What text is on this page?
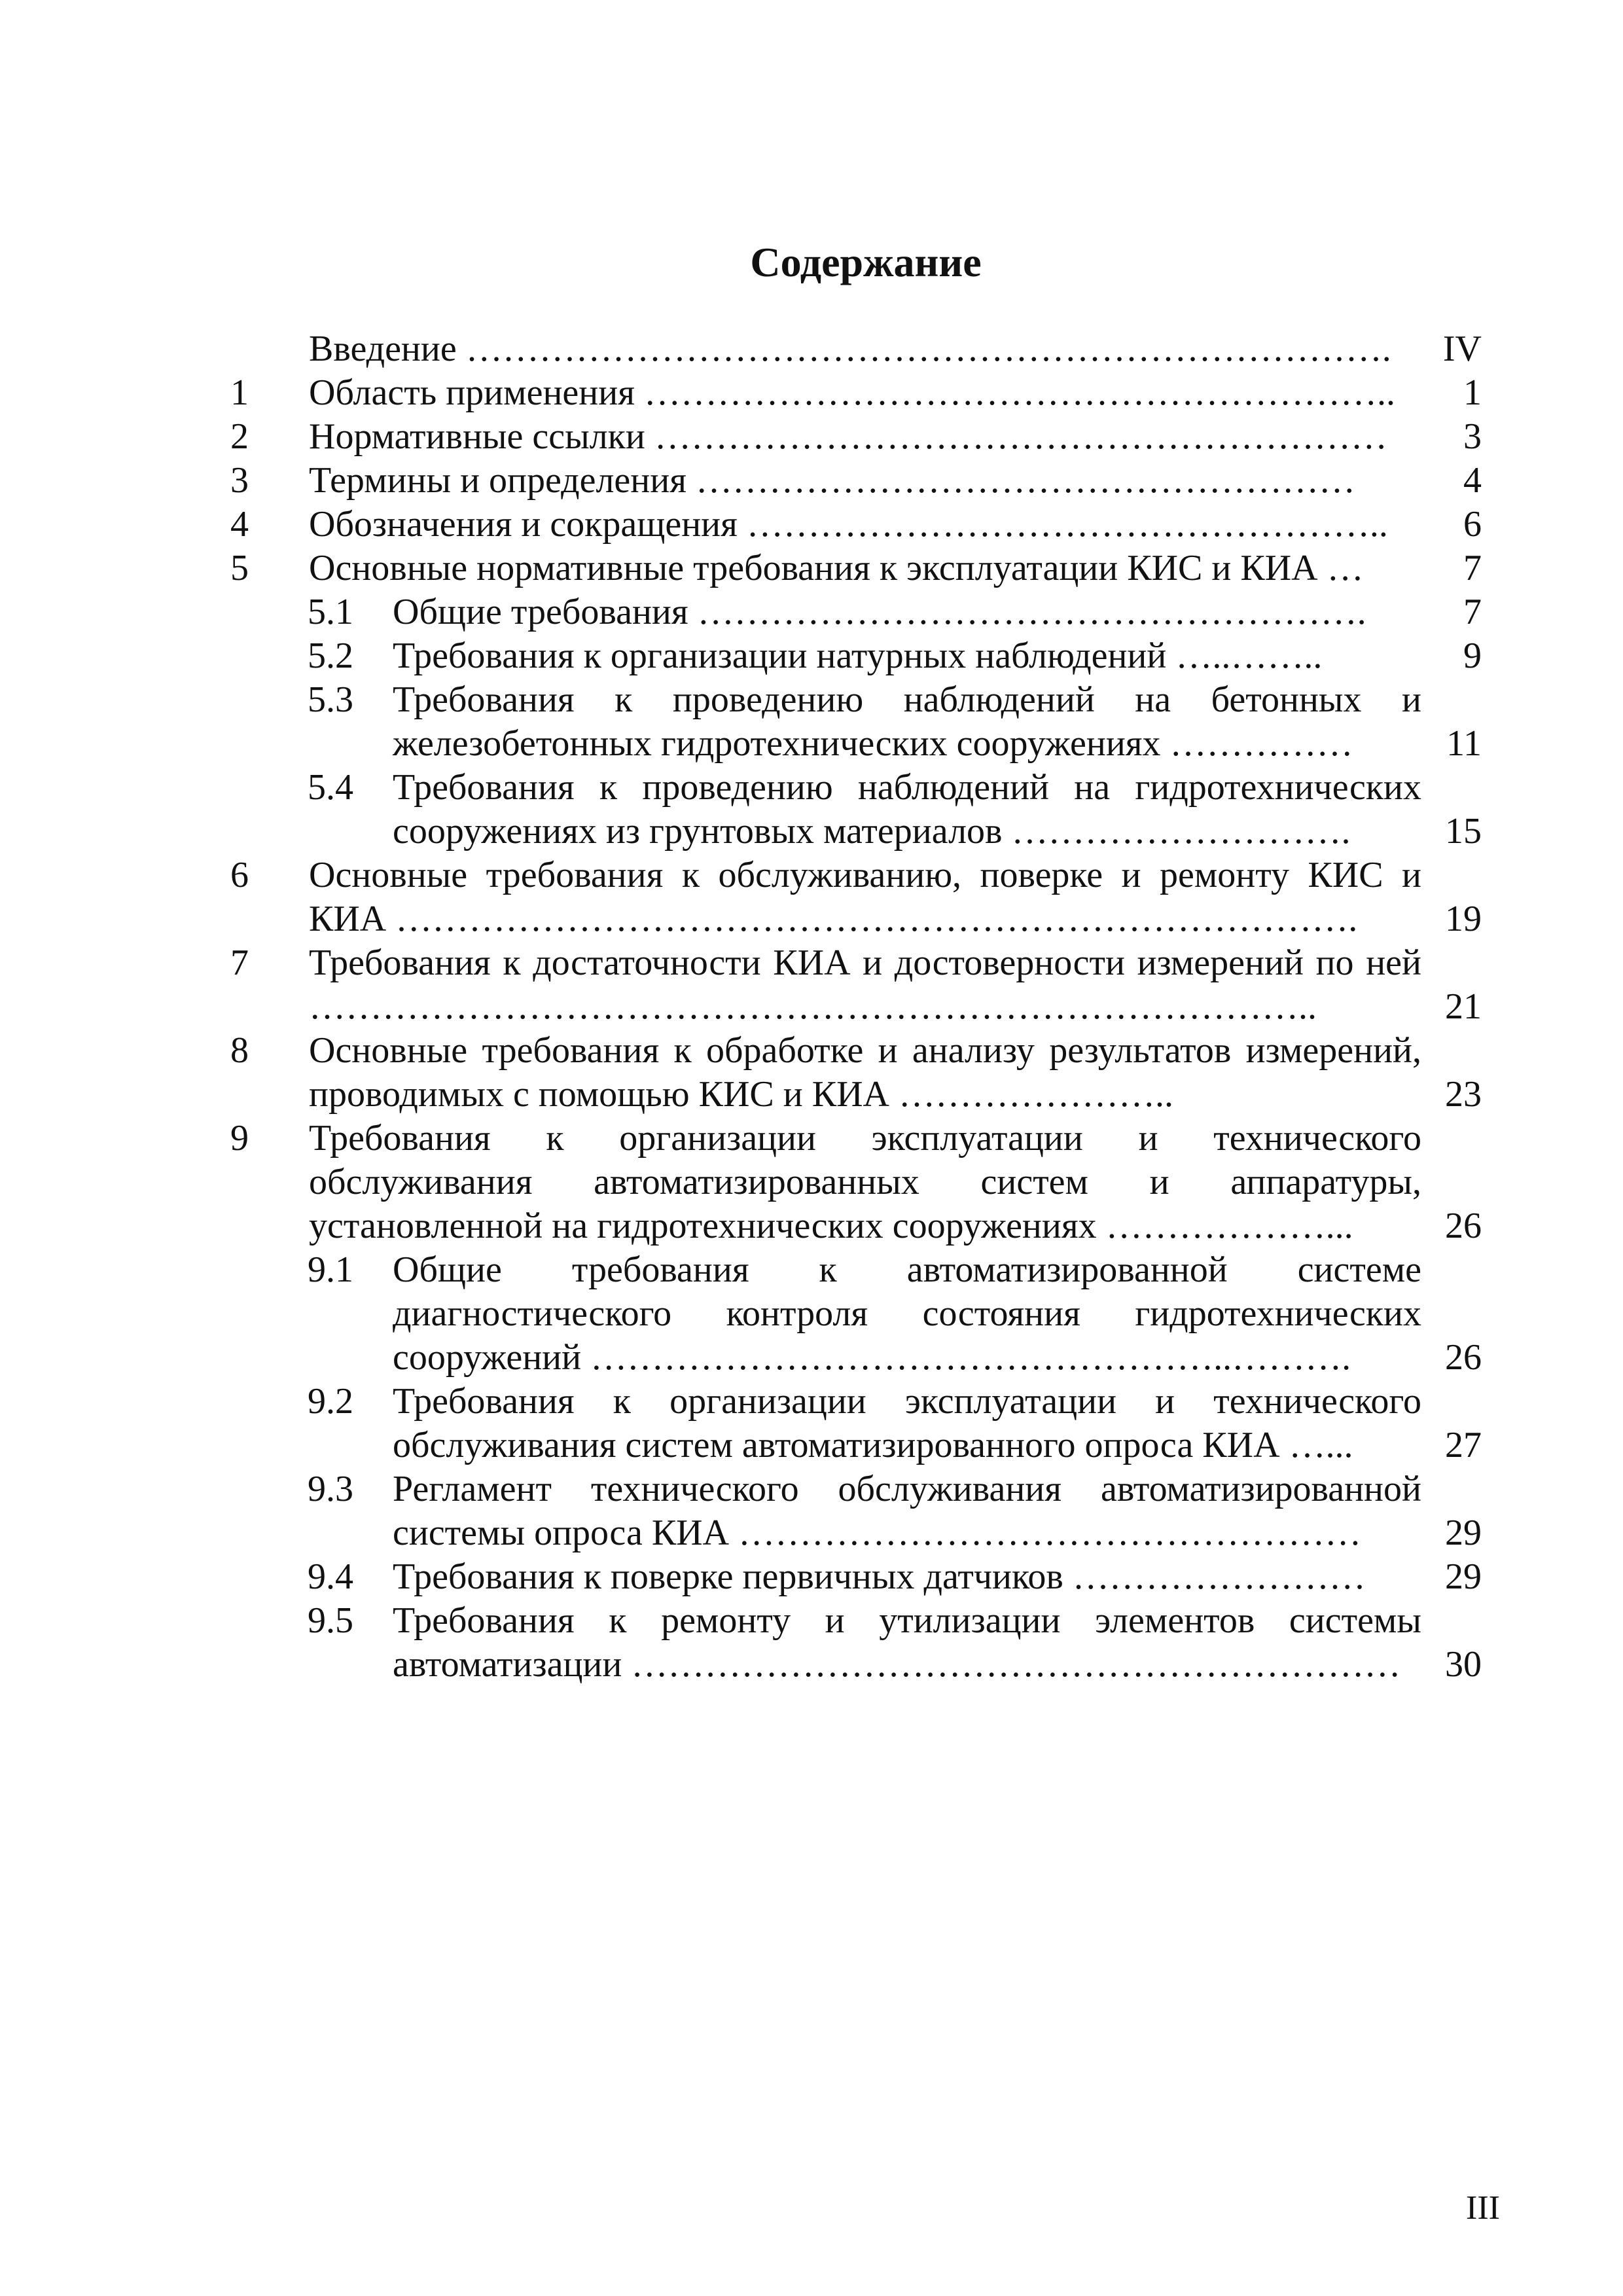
Содержание
Введение ………………………………………………………………….	IV
1 Область применения ……………………………………………………..	1
2 Нормативные ссылки ……………………………………………………	3
3 Термины и определения ………………………………………………	4
4 Обозначения и сокращения ……………………………………………..	6
5 Основные нормативные требования к эксплуатации КИС и КИА …	7
5.1 Общие требования ……………………………………………….	7
5.2 Требования к организации натурных наблюдений …..……..	9
5.3 Требования к проведению наблюдений на бетонных и железобетонных гидротехнических сооружениях ……………	11
5.4 Требования к проведению наблюдений на гидротехнических сооружениях из грунтовых материалов ……………………….	15
6 Основные требования к обслуживанию, поверке и ремонту КИС и КИА …………………………………………………………………….	19
7 Требования к достаточности КИА и достоверности измерений по ней ………………………………………………………………………..	21
8 Основные требования к обработке и анализу результатов измерений, проводимых с помощью КИС и КИА …………………..	23
9 Требования к организации эксплуатации и технического обслуживания автоматизированных систем и аппаратуры, установленной на гидротехнических сооружениях ………………...	26
9.1 Общие требования к автоматизированной системе диагностического контроля состояния гидротехнических сооружений ……………………………………………..……….	26
9.2 Требования к организации эксплуатации и технического обслуживания систем автоматизированного опроса КИА …...	27
9.3 Регламент технического обслуживания автоматизированной системы опроса КИА ……………………………………………	29
9.4 Требования к поверке первичных датчиков ……………………	29
9.5 Требования к ремонту и утилизации элементов системы автоматизации ………………………………………………………	30
III
